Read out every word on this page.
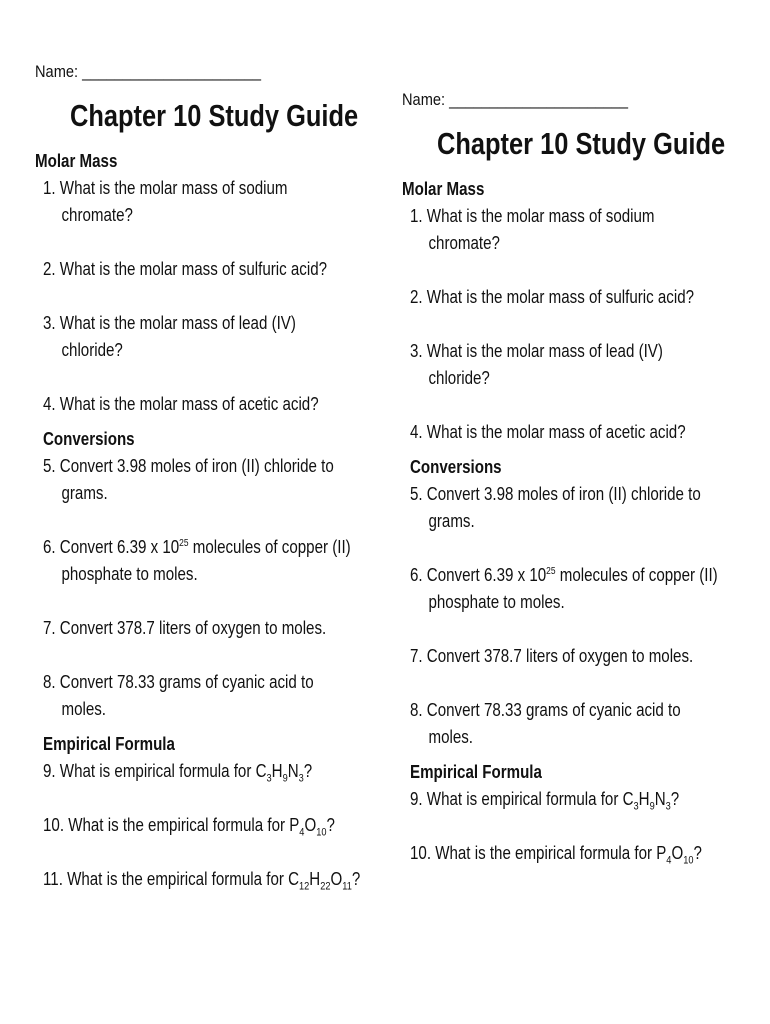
Name: ______________________
Chapter 10 Study Guide
Molar Mass
1. What is the molar mass of sodium
chromate?
2. What is the molar mass of sulfuric acid?
3. What is the molar mass of lead (IV)
chloride?
4. What is the molar mass of acetic acid?
Conversions
5. Convert 3.98 moles of iron (II) chloride to
grams.
6. Convert 6.39 x $10^{25}$ molecules of copper (II)
phosphate to moles.
7. Convert 378.7 liters of oxygen to moles.
8. Convert 78.33 grams of cyanic acid to
moles.
Empirical Formula
9. What is empirical formula for $C_3H_9N_3$?
10. What is the empirical formula for $P_4O_{10}$?
11. What is the empirical formula for $C_{12}H_{22}O_{11}$?
Name: ______________________
Chapter 10 Study Guide
Molar Mass
1. What is the molar mass of sodium
chromate?
2. What is the molar mass of sulfuric acid?
3. What is the molar mass of lead (IV)
chloride?
4. What is the molar mass of acetic acid?
Conversions
5. Convert 3.98 moles of iron (II) chloride to
grams.
6. Convert 6.39 x $10^{25}$ molecules of copper (II)
phosphate to moles.
7. Convert 378.7 liters of oxygen to moles.
8. Convert 78.33 grams of cyanic acid to
moles.
Empirical Formula
9. What is empirical formula for $C_3H_9N_3$?
10. What is the empirical formula for $P_4O_{10}$?
